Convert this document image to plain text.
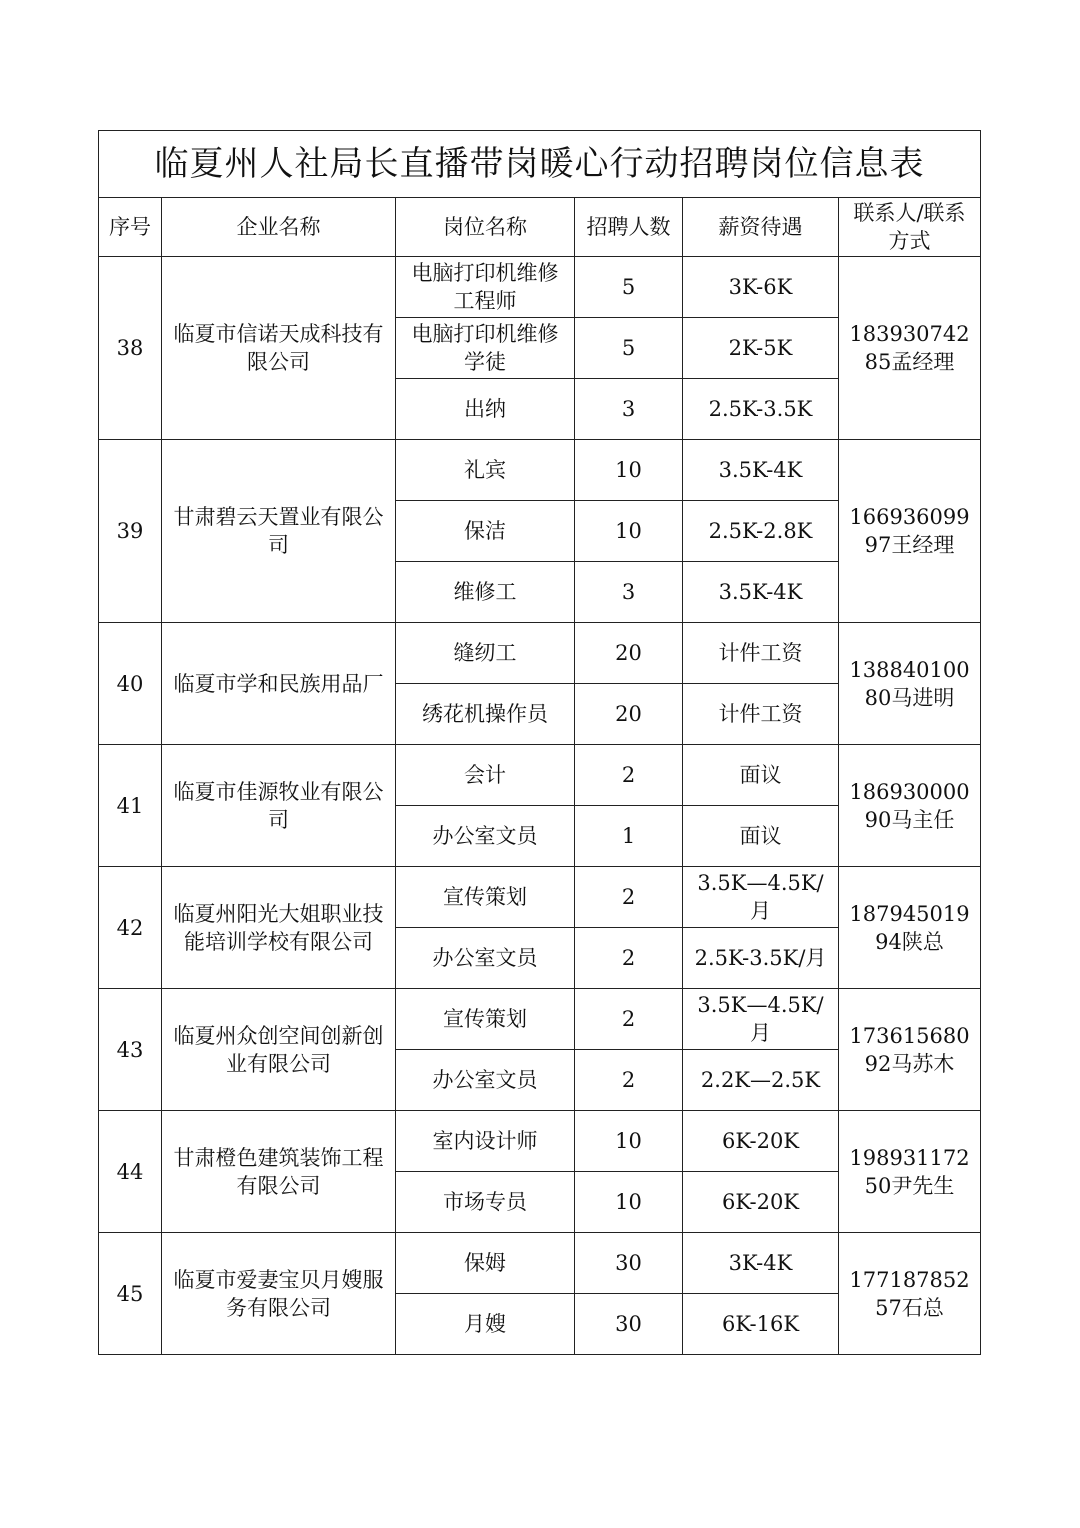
临夏州人社局长直播带岗暖心行动招聘岗位信息表					
序号	企业名称	岗位名称	招聘人数	薪资待遇	联系人/联系方式
38	临夏市信诺天成科技有限公司	电脑打印机维修工程师	5	3K-6K	18393074285孟经理
		电脑打印机维修学徒	5	2K-5K	
		出纳	3	2.5K-3.5K	
39	甘肃碧云天置业有限公司	礼宾	10	3.5K-4K	16693609997王经理
		保洁	10	2.5K-2.8K	
		维修工	3	3.5K-4K	
40	临夏市学和民族用品厂	缝纫工	20	计件工资	13884010080马进明
		绣花机操作员	20	计件工资	
41	临夏市佳源牧业有限公司	会计	2	面议	18693000090马主任
		办公室文员	1	面议	
42	临夏州阳光大姐职业技能培训学校有限公司	宣传策划	2	3.5K—4.5K/月	18794501994陕总
		办公室文员	2	2.5K-3.5K/月	
43	临夏州众创空间创新创业有限公司	宣传策划	2	3.5K—4.5K/月	17361568092马苏木
		办公室文员	2	2.2K—2.5K	
44	甘肃橙色建筑装饰工程有限公司	室内设计师	10	6K-20K	19893117250尹先生
		市场专员	10	6K-20K	
45	临夏市爱妻宝贝月嫂服务有限公司	保姆	30	3K-4K	17718785257石总
		月嫂	30	6K-16K	
